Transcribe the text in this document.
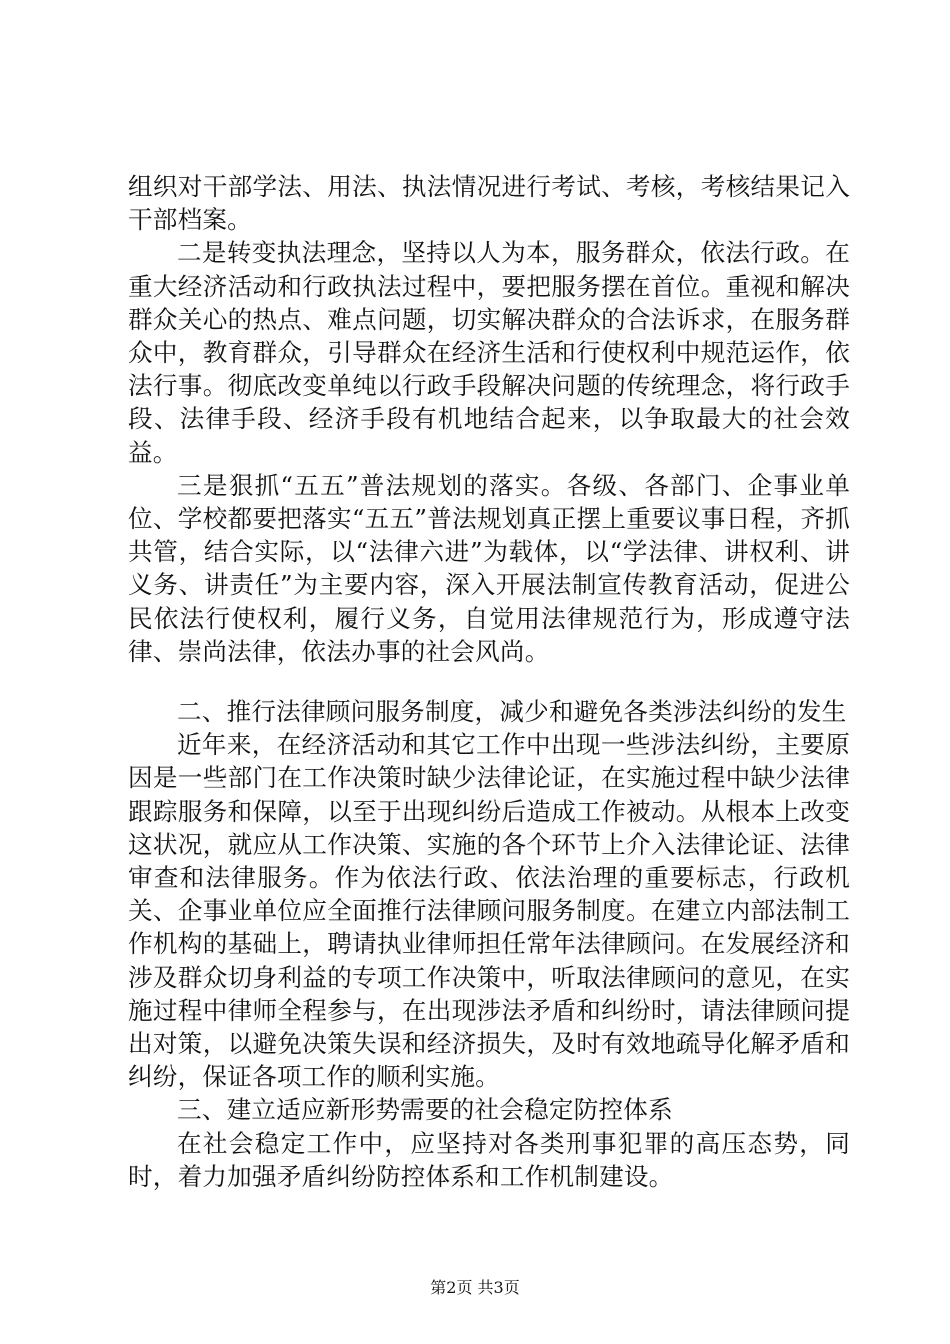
组织对干部学法、用法、执法情况进行考试、考核，考核结果记入干部档案。

二是转变执法理念，坚持以人为本，服务群众，依法行政。在重大经济活动和行政执法过程中，要把服务摆在首位。重视和解决群众关心的热点、难点问题，切实解决群众的合法诉求，在服务群众中，教育群众，引导群众在经济生活和行使权利中规范运作，依法行事。彻底改变单纯以行政手段解决问题的传统理念，将行政手段、法律手段、经济手段有机地结合起来，以争取最大的社会效益。

三是狠抓“五五”普法规划的落实。各级、各部门、企事业单位、学校都要把落实“五五”普法规划真正摆上重要议事日程，齐抓共管，结合实际，以“法律六进”为载体，以“学法律、讲权利、讲义务、讲责任”为主要内容，深入开展法制宣传教育活动，促进公民依法行使权利，履行义务，自觉用法律规范行为，形成遵守法律、崇尚法律，依法办事的社会风尚。

二、推行法律顾问服务制度，减少和避免各类涉法纠纷的发生

近年来，在经济活动和其它工作中出现一些涉法纠纷，主要原因是一些部门在工作决策时缺少法律论证，在实施过程中缺少法律跟踪服务和保障，以至于出现纠纷后造成工作被动。从根本上改变这状况，就应从工作决策、实施的各个环节上介入法律论证、法律审查和法律服务。作为依法行政、依法治理的重要标志，行政机关、企事业单位应全面推行法律顾问服务制度。在建立内部法制工作机构的基础上，聘请执业律师担任常年法律顾问。在发展经济和涉及群众切身利益的专项工作决策中，听取法律顾问的意见，在实施过程中律师全程参与，在出现涉法矛盾和纠纷时，请法律顾问提出对策，以避免决策失误和经济损失，及时有效地疏导化解矛盾和纠纷，保证各项工作的顺利实施。

三、建立适应新形势需要的社会稳定防控体系

在社会稳定工作中，应坚持对各类刑事犯罪的高压态势，同时，着力加强矛盾纠纷防控体系和工作机制建设。

第2页 共3页
